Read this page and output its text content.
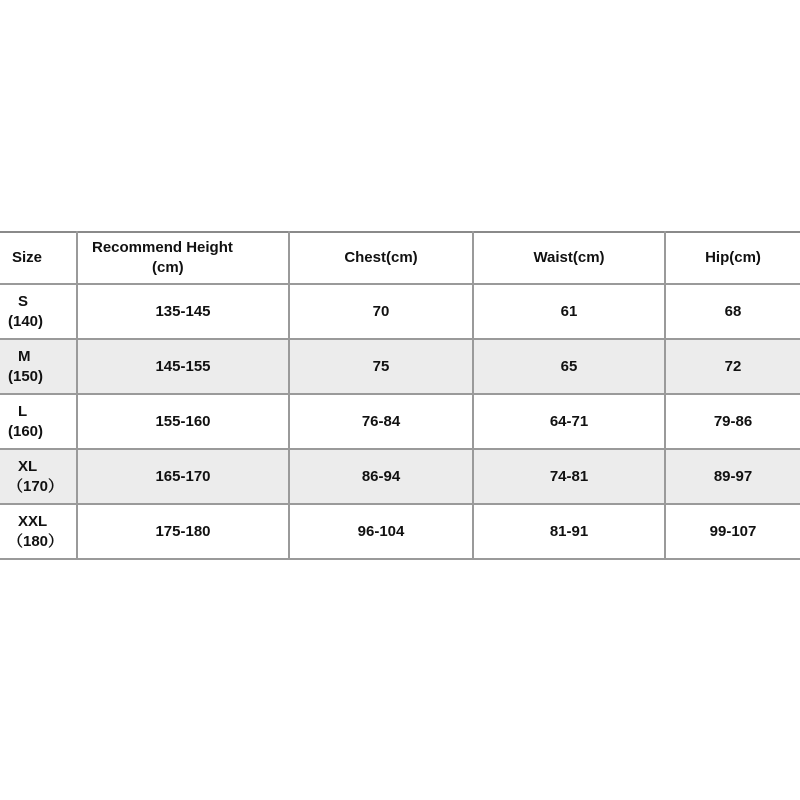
Size	Recommend Height
(cm)	Chest(cm)	Waist(cm)	Hip(cm)

S
(140)	135-145	70	61	68

M
(150)	145-155	75	65	72

L
(160)	155-160	76-84	64-71	79-86

XL
（170）	165-170	86-94	74-81	89-97

XXL
（180）	175-180	96-104	81-91	99-107
